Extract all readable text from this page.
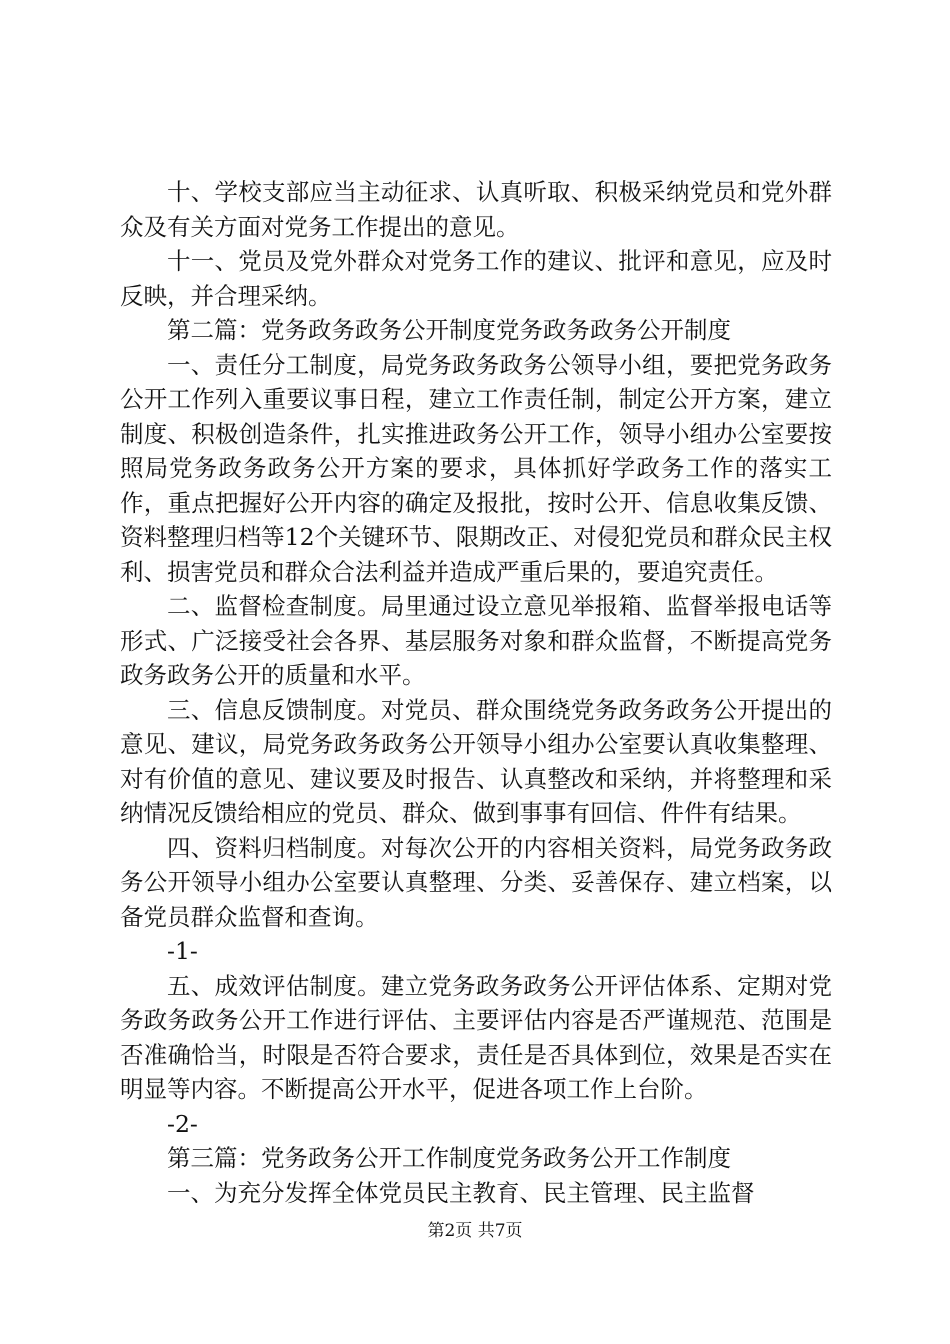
十、学校支部应当主动征求、认真听取、积极采纳党员和党外群众及有关方面对党务工作提出的意见。

十一、党员及党外群众对党务工作的建议、批评和意见，应及时反映，并合理采纳。

第二篇：党务政务政务公开制度党务政务政务公开制度

一、责任分工制度，局党务政务政务公领导小组，要把党务政务公开工作列入重要议事日程，建立工作责任制，制定公开方案，建立制度、积极创造条件，扎实推进政务公开工作，领导小组办公室要按照局党务政务政务公开方案的要求，具体抓好学政务工作的落实工作，重点把握好公开内容的确定及报批，按时公开、信息收集反馈、资料整理归档等12个关键环节、限期改正、对侵犯党员和群众民主权利、损害党员和群众合法利益并造成严重后果的，要追究责任。

二、监督检查制度。局里通过设立意见举报箱、监督举报电话等形式、广泛接受社会各界、基层服务对象和群众监督，不断提高党务政务政务公开的质量和水平。

三、信息反馈制度。对党员、群众围绕党务政务政务公开提出的意见、建议，局党务政务政务公开领导小组办公室要认真收集整理、对有价值的意见、建议要及时报告、认真整改和采纳，并将整理和采纳情况反馈给相应的党员、群众、做到事事有回信、件件有结果。

四、资料归档制度。对每次公开的内容相关资料，局党务政务政务公开领导小组办公室要认真整理、分类、妥善保存、建立档案，以备党员群众监督和查询。

-1-

五、成效评估制度。建立党务政务政务公开评估体系、定期对党务政务政务公开工作进行评估、主要评估内容是否严谨规范、范围是否准确恰当，时限是否符合要求，责任是否具体到位，效果是否实在明显等内容。不断提高公开水平，促进各项工作上台阶。

-2-

第三篇：党务政务公开工作制度党务政务公开工作制度

一、为充分发挥全体党员民主教育、民主管理、民主监督

第2页 共7页
